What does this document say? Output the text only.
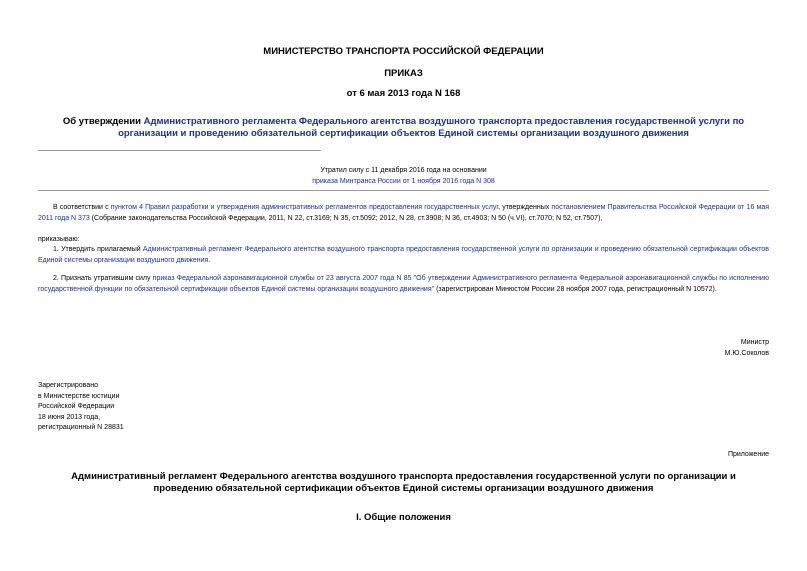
МИНИСТЕРСТВО ТРАНСПОРТА РОССИЙСКОЙ ФЕДЕРАЦИИ
ПРИКАЗ
от 6 мая 2013 года N 168
Об утверждении Административного регламента Федерального агентства воздушного транспорта предоставления государственной услуги по организации и проведению обязательной сертификации объектов Единой системы организации воздушного движения
Утратил силу с 11 декабря 2016 года на основании
приказа Минтранса России от 1 ноября 2016 года N 308
В соответствии с пунктом 4 Правил разработки и утверждения административных регламентов предоставления государственных услуг, утвержденных постановлением Правительства Российской Федерации от 16 мая 2011 года N 373 (Собрание законодательства Российской Федерации, 2011, N 22, ст.3169; N 35, ст.5092; 2012, N 28, ст.3908; N 36, ст.4903; N 50 (ч.VI), ст.7070; N 52, ст.7507),
приказываю:
1. Утвердить прилагаемый Административный регламент Федерального агентства воздушного транспорта предоставления государственной услуги по организации и проведению обязательной сертификации объектов Единой системы организации воздушного движения.
2. Признать утратившим силу приказ Федеральной аэронавигационной службы от 23 августа 2007 года N 85 "Об утверждении Административного регламента Федеральной аэронавигационной службы по исполнению государственной функции по обязательной сертификации объектов Единой системы организации воздушного движения" (зарегистрирован Минюстом России 28 ноября 2007 года, регистрационный N 10572).
Министр
М.Ю.Соколов
Зарегистрировано
в Министерстве юстиции
Российской Федерации
18 июня 2013 года,
регистрационный N 28831
Приложение
Административный регламент Федерального агентства воздушного транспорта предоставления государственной услуги по организации и проведению обязательной сертификации объектов Единой системы организации воздушного движения
I. Общие положения
